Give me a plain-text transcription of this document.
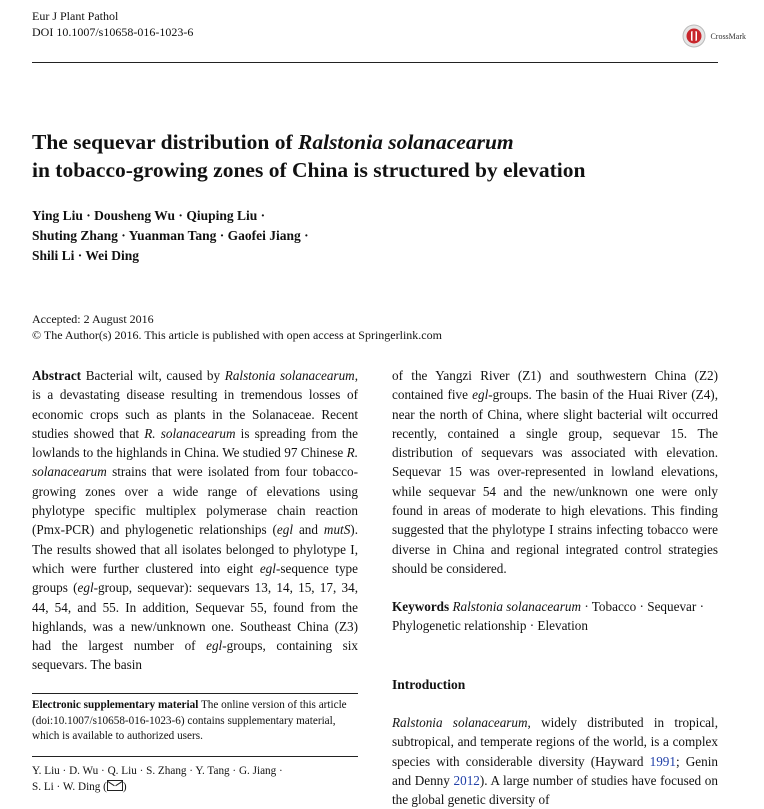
Eur J Plant Pathol
DOI 10.1007/s10658-016-1023-6	CrossMark
The sequevar distribution of Ralstonia solanacearum
in tobacco-growing zones of China is structured by elevation
Ying Liu · Dousheng Wu · Qiuping Liu ·
Shuting Zhang · Yuanman Tang · Gaofei Jiang ·
Shili Li · Wei Ding
Accepted: 2 August 2016
© The Author(s) 2016. This article is published with open access at Springerlink.com
Abstract Bacterial wilt, caused by Ralstonia solanacearum, is a devastating disease resulting in tremendous losses of economic crops such as plants in the Solanaceae. Recent studies showed that R. solanacearum is spreading from the lowlands to the highlands in China. We studied 97 Chinese R. solanacearum strains that were isolated from four tobacco-growing zones over a wide range of elevations using phylotype specific multiplex polymerase chain reaction (Pmx-PCR) and phylogenetic relationships (egl and mutS). The results showed that all isolates belonged to phylotype I, which were further clustered into eight egl-sequence type groups (egl-group, sequevar): sequevars 13, 14, 15, 17, 34, 44, 54, and 55. In addition, Sequevar 55, found from the highlands, was a new/unknown one. Southeast China (Z3) had the largest number of egl-groups, containing six sequevars. The basin
of the Yangzi River (Z1) and southwestern China (Z2) contained five egl-groups. The basin of the Huai River (Z4), near the north of China, where slight bacterial wilt occurred recently, contained a single group, sequevar 15. The distribution of sequevars was associated with elevation. Sequevar 15 was over-represented in lowland elevations, while sequevar 54 and the new/unknown one were only found in areas of moderate to high elevations. This finding suggested that the phylotype I strains infecting tobacco were diverse in China and regional integrated control strategies should be considered.
Keywords Ralstonia solanacearum · Tobacco · Sequevar · Phylogenetic relationship · Elevation
Introduction
Ralstonia solanacearum, widely distributed in tropical, subtropical, and temperate regions of the world, is a complex species with considerable diversity (Hayward 1991; Genin and Denny 2012). A large number of studies have focused on the global genetic diversity of
Electronic supplementary material The online version of this article (doi:10.1007/s10658-016-1023-6) contains supplementary material, which is available to authorized users.
Y. Liu · D. Wu · Q. Liu · S. Zhang · Y. Tang · G. Jiang ·
S. Li · W. Ding ( )
